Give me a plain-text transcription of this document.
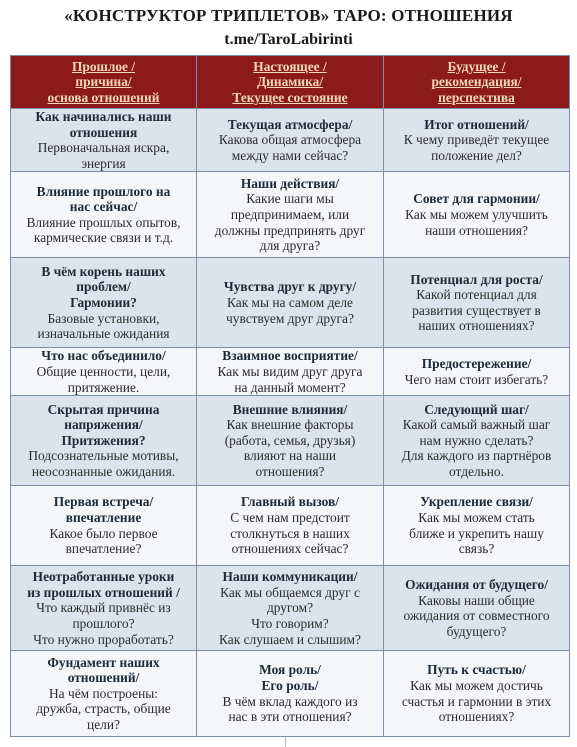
«КОНСТРУКТОР ТРИПЛЕТОВ» ТАРО: ОТНОШЕНИЯ
t.me/TaroLabirinti
Прошлое /
причина/
основа отношений	Настоящее /
Динамика/
Текущее состояние	Будущее /
рекомендация/
перспектива

Как начинались наши
отношения
Первоначальная искра,
энергия	Текущая атмосфера/
Какова общая атмосфера
между нами сейчас?	Итог отношений/
К чему приведёт текущее
положение дел?

Влияние прошлого на
нас сейчас/
Влияние прошлых опытов,
кармические связи и т.д.	Наши действия/
Какие шаги мы
предпринимаем, или
должны предпринять друг
для друга?	Совет для гармонии/
Как мы можем улучшить
наши отношения?

В чём корень наших
проблем/
Гармонии?
Базовые установки,
изначальные ожидания	Чувства друг к другу/
Как мы на самом деле
чувствуем друг друга?	Потенциал для роста/
Какой потенциал для
развития существует в
наших отношениях?

Что нас объединило/
Общие ценности, цели,
притяжение.	Взаимное восприятие/
Как мы видим друг друга
на данный момент?	Предостережение/
Чего нам стоит избегать?

Скрытая причина
напряжения/
Притяжения?
Подсознательные мотивы,
неосознанные ожидания.	Внешние влияния/
Как внешние факторы
(работа, семья, друзья)
влияют на наши
отношения?	Следующий шаг/
Какой самый важный шаг
нам нужно сделать?
Для каждого из партнёров
отдельно.

Первая встреча/
впечатление
Какое было первое
впечатление?	Главный вызов/
С чем нам предстоит
столкнуться в наших
отношениях сейчас?	Укрепление связи/
Как мы можем стать
ближе и укрепить нашу
связь?

Неотработанные уроки
из прошлых отношений /
Что каждый привнёс из
прошлого?
Что нужно проработать?	Наши коммуникации/
Как мы общаемся друг с
другом?
Что говорим?
Как слушаем и слышим?	Ожидания от будущего/
Каковы наши общие
ожидания от совместного
будущего?

Фундамент наших
отношений/
На чём построены:
дружба, страсть, общие
цели?	Моя роль/
Его роль/
В чём вклад каждого из
нас в эти отношения?	Путь к счастью/
Как мы можем достичь
счастья и гармонии в этих
отношениях?
